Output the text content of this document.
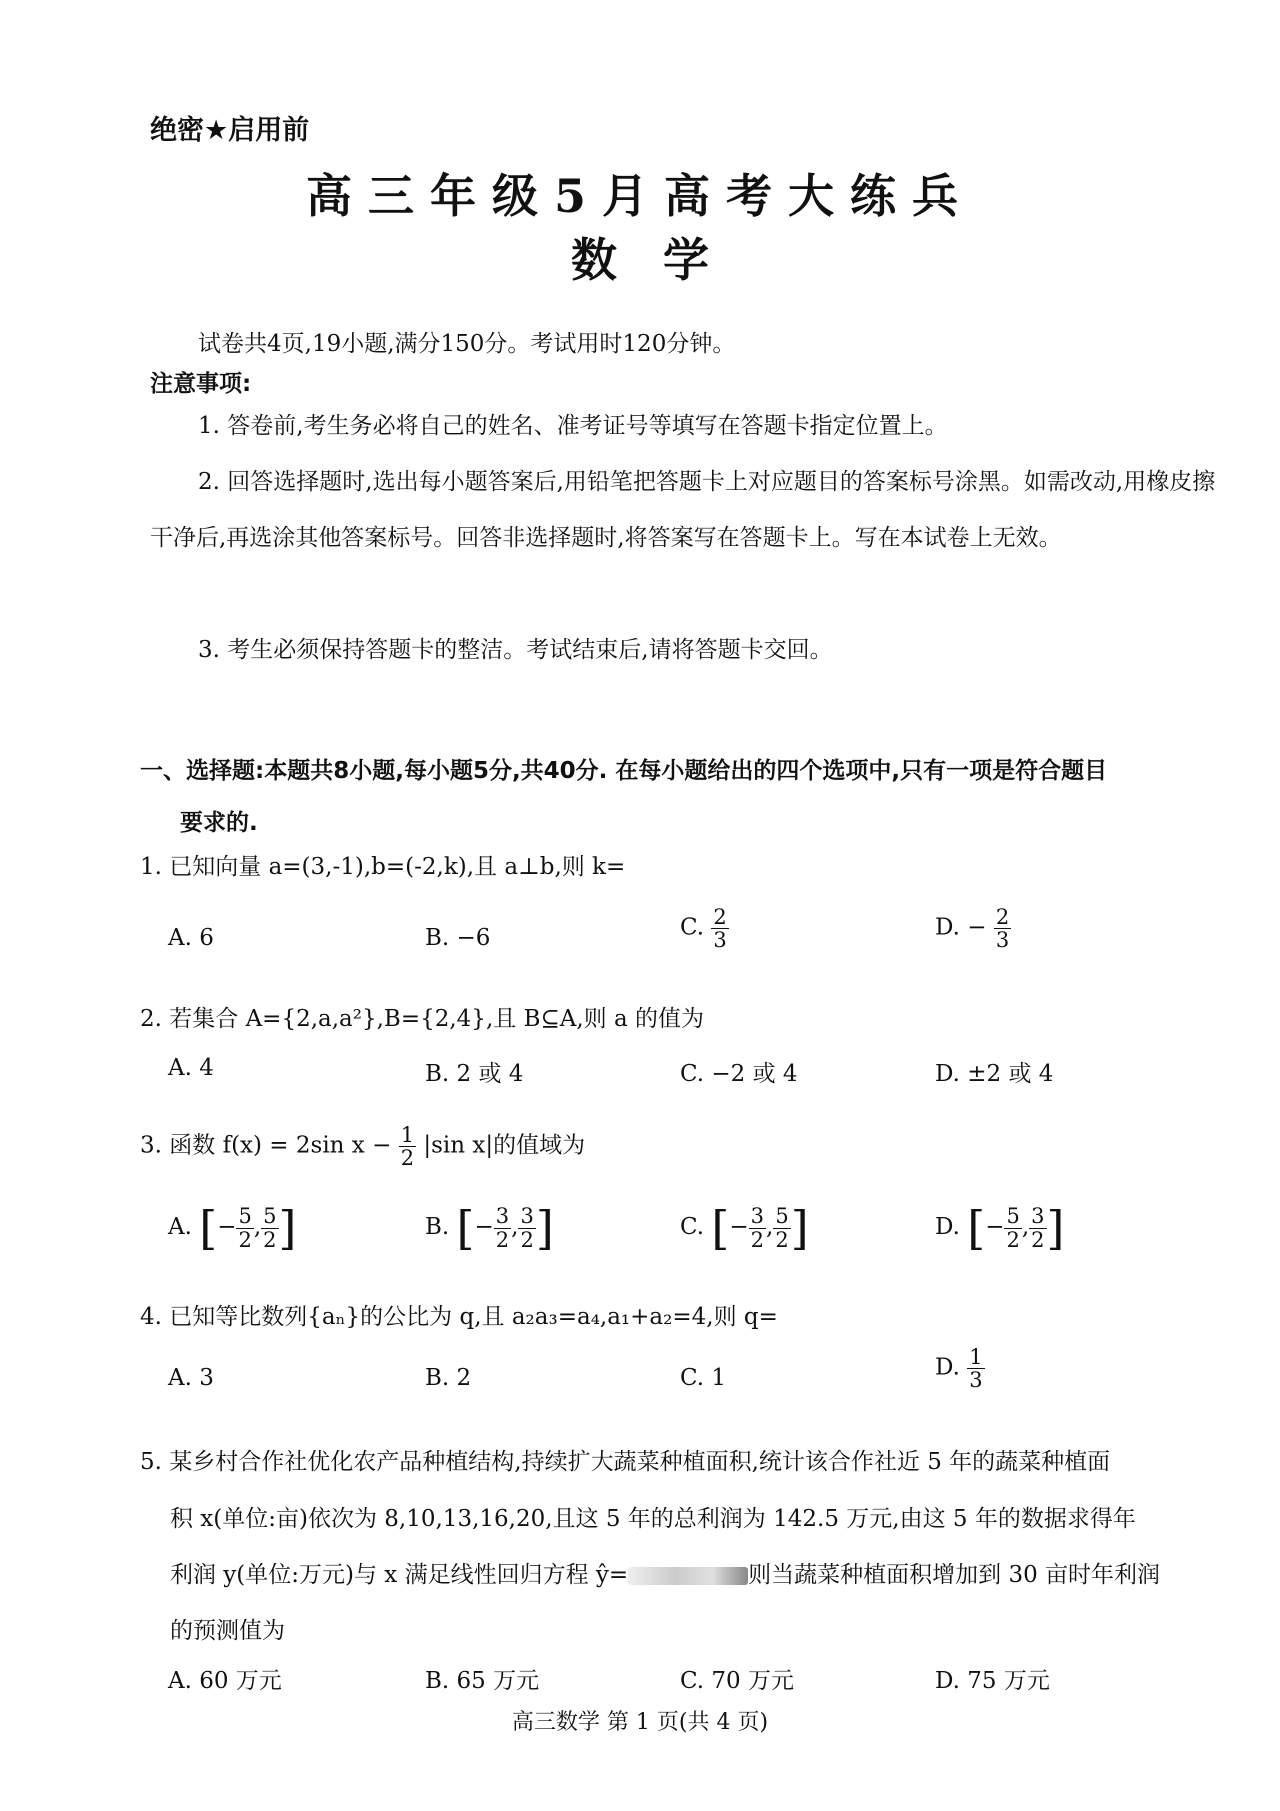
绝密★启用前
高三年级5月高考大练兵
数学
试卷共4页,19小题,满分150分。考试用时120分钟。
注意事项:
1. 答卷前,考生务必将自己的姓名、准考证号等填写在答题卡指定位置上。
2. 回答选择题时,选出每小题答案后,用铅笔把答题卡上对应题目的答案标号涂黑。如需改动,用橡皮擦干净后,再选涂其他答案标号。回答非选择题时,将答案写在答题卡上。写在本试卷上无效。
3. 考生必须保持答题卡的整洁。考试结束后,请将答题卡交回。
一、选择题:本题共8小题,每小题5分,共40分. 在每小题给出的四个选项中,只有一项是符合题目
要求的.
1. 已知向量 a=(3,-1),b=(-2,k),且 a⊥b,则 k=
A. 6	B. −6	C. $\frac{2}{3}$	D. − $\frac{2}{3}$
2. 若集合 A={2,a,a²},B={2,4},且 B⊆A,则 a 的值为
A. 4	B. 2 或 4	C. −2 或 4	D. ±2 或 4
3. 函数 f(x) = 2sin $x - \frac{1}{2} |\sin$ x|的值域为
A. [− $\frac{5}{2}$ , $\frac{5}{2}$ ]	B. [− $\frac{3}{2}$ , $\frac{3}{2}$ ]	C. [− $\frac{3}{2}$ , $\frac{5}{2}$ ]	D. [− $\frac{5}{2}$ , $\frac{3}{2}$ ]
4. 已知等比数列{aₙ}的公比为 q,且 a₂a₃=a₄,a₁+a₂=4,则 q=
A. 3	B. 2	C. 1	D. $\frac{1}{3}$
5. 某乡村合作社优化农产品种植结构,持续扩大蔬菜种植面积,统计该合作社近 5 年的蔬菜种植面
积 x(单位:亩)依次为 8,10,13,16,20,且这 5 年的总利润为 142.5 万元,由这 5 年的数据求得年
利润 y(单位:万元)与 x 满足线性回归方程 ŷ=	则当蔬菜种植面积增加到 30 亩时年利润
的预测值为
A. 60 万元	B. 65 万元	C. 70 万元	D. 75 万元
高三数学 第 1 页(共 4 页)
